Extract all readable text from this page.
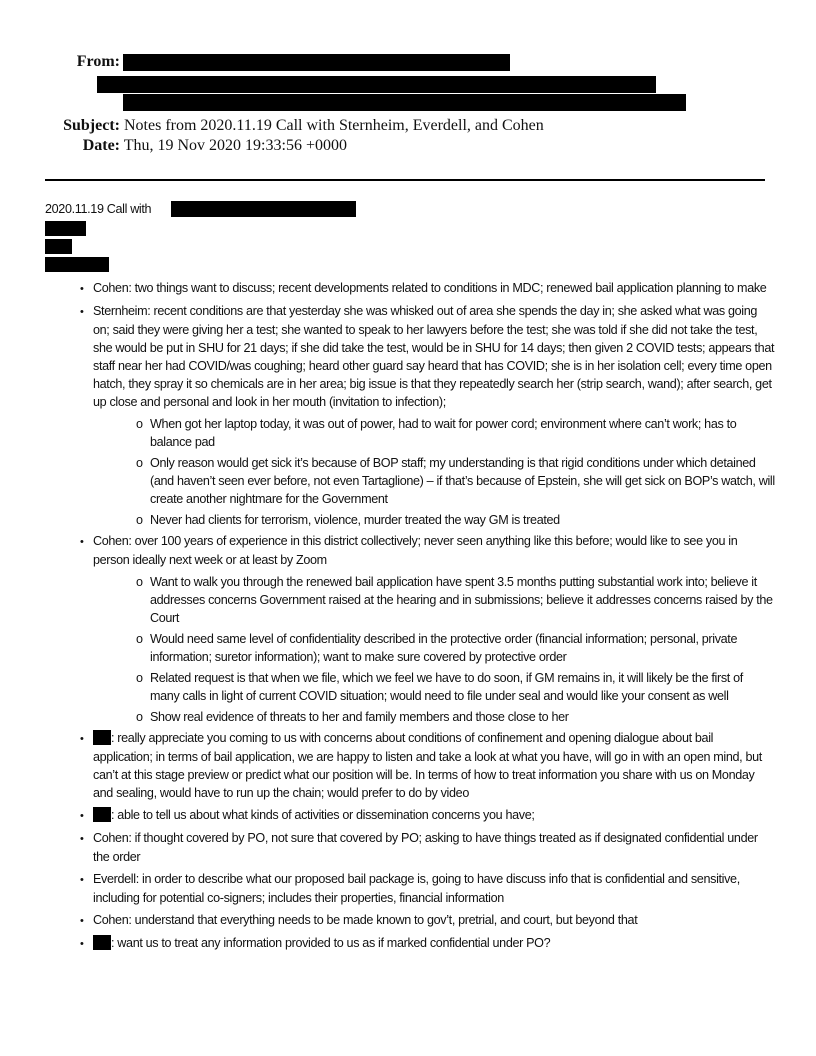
From:
Subject: Notes from 2020.11.19 Call with Sternheim, Everdell, and Cohen
Date: Thu, 19 Nov 2020 19:33:56 +0000
2020.11.19 Call with
• Cohen: two things want to discuss; recent developments related to conditions in MDC; renewed bail application planning to make
• Sternheim: recent conditions are that yesterday she was whisked out of area she spends the day in; she asked what was going on; said they were giving her a test; she wanted to speak to her lawyers before the test; she was told if she did not take the test, she would be put in SHU for 21 days; if she did take the test, would be in SHU for 14 days; then given 2 COVID tests; appears that staff near her had COVID/was coughing; heard other guard say heard that has COVID; she is in her isolation cell; every time open hatch, they spray it so chemicals are in her area; big issue is that they repeatedly search her (strip search, wand); after search, get up close and personal and look in her mouth (invitation to infection);
o When got her laptop today, it was out of power, had to wait for power cord; environment where can’t work; has to balance pad
o Only reason would get sick it’s because of BOP staff; my understanding is that rigid conditions under which detained (and haven’t seen ever before, not even Tartaglione) – if that’s because of Epstein, she will get sick on BOP’s watch, will create another nightmare for the Government
o Never had clients for terrorism, violence, murder treated the way GM is treated
• Cohen: over 100 years of experience in this district collectively; never seen anything like this before; would like to see you in person ideally next week or at least by Zoom
o Want to walk you through the renewed bail application have spent 3.5 months putting substantial work into; believe it addresses concerns Government raised at the hearing and in submissions; believe it addresses concerns raised by the Court
o Would need same level of confidentiality described in the protective order (financial information; personal, private information; suretor information); want to make sure covered by protective order
o Related request is that when we file, which we feel we have to do soon, if GM remains in, it will likely be the first of many calls in light of current COVID situation; would need to file under seal and would like your consent as well
o Show real evidence of threats to her and family members and those close to her
• : really appreciate you coming to us with concerns about conditions of confinement and opening dialogue about bail application; in terms of bail application, we are happy to listen and take a look at what you have, will go in with an open mind, but can’t at this stage preview or predict what our position will be. In terms of how to treat information you share with us on Monday and sealing, would have to run up the chain; would prefer to do by video
• : able to tell us about what kinds of activities or dissemination concerns you have;
• Cohen: if thought covered by PO, not sure that covered by PO; asking to have things treated as if designated confidential under the order
• Everdell: in order to describe what our proposed bail package is, going to have discuss info that is confidential and sensitive, including for potential co-signers; includes their properties, financial information
• Cohen: understand that everything needs to be made known to gov’t, pretrial, and court, but beyond that
• : want us to treat any information provided to us as if marked confidential under PO?
